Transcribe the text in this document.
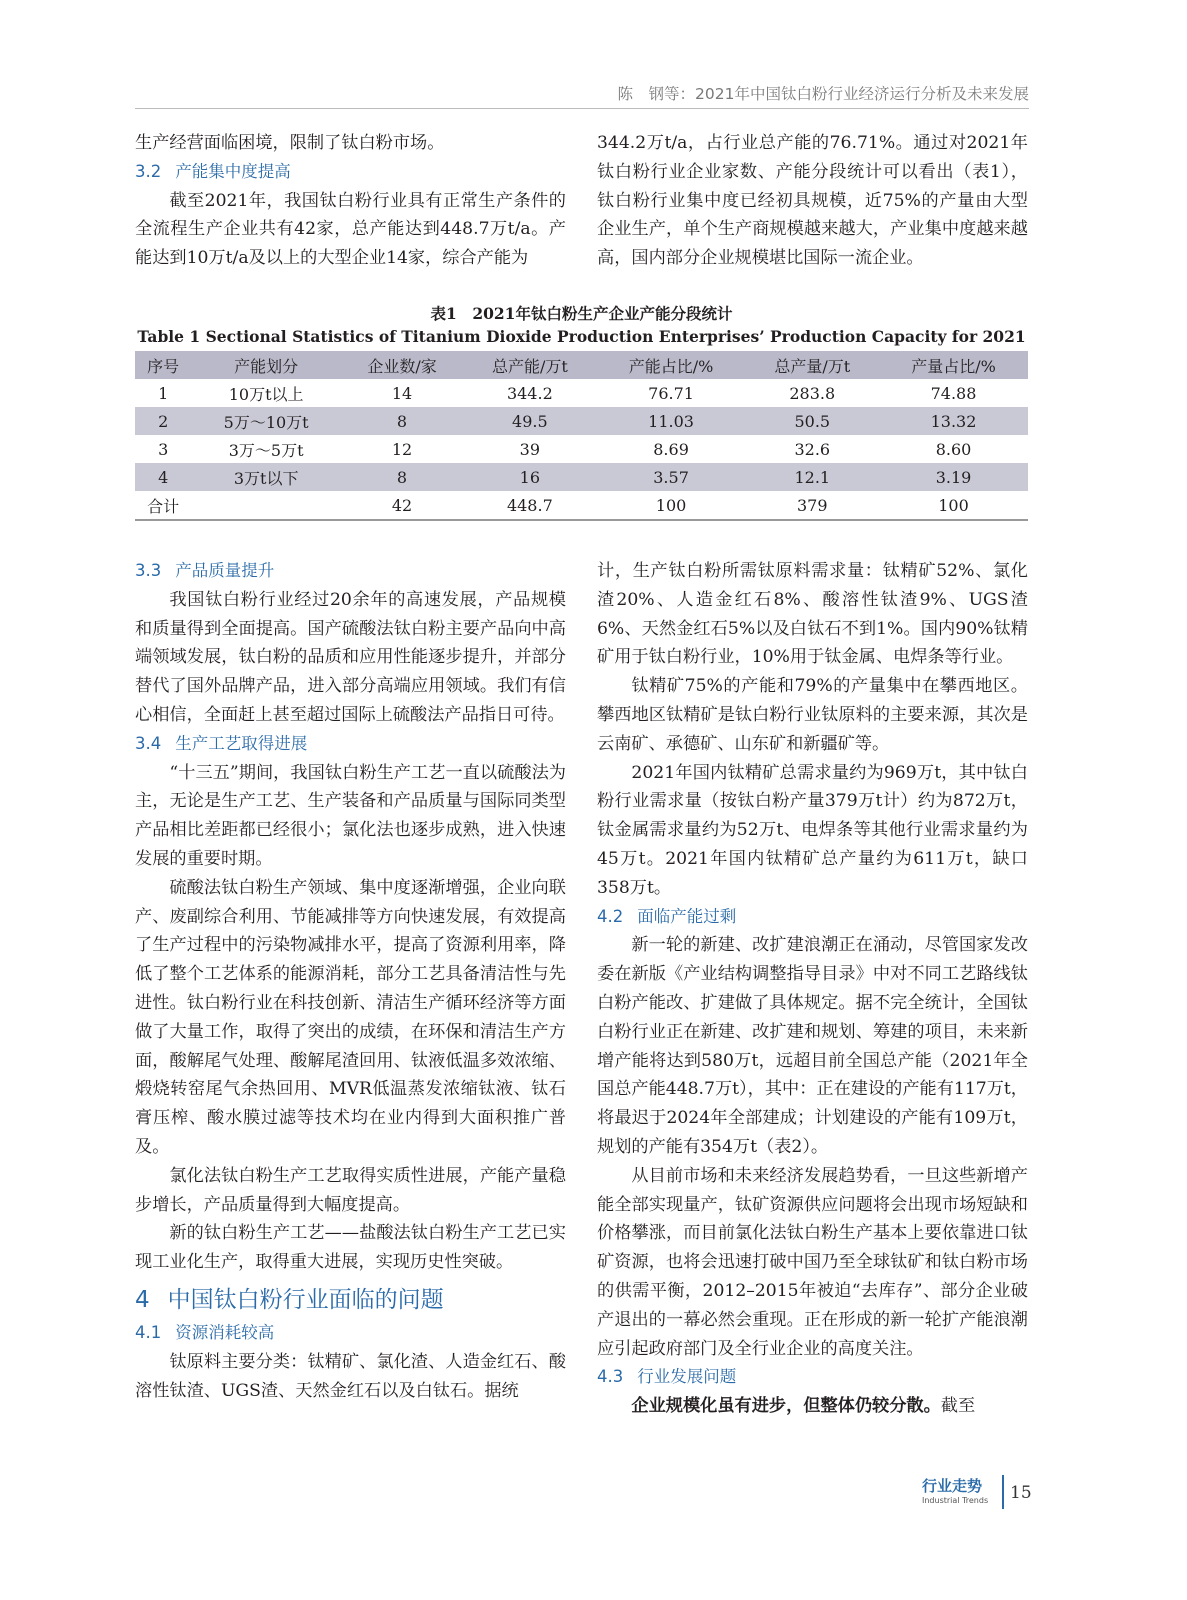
陈　钢等：2021年中国钛白粉行业经济运行分析及未来发展

生产经营面临困境，限制了钛白粉市场。

3.2 产能集中度提高

截至2021年，我国钛白粉行业具有正常生产条件的全流程生产企业共有42家，总产能达到448.7万t/a。产能达到10万t/a及以上的大型企业14家，综合产能为

344.2万t/a，占行业总产能的76.71%。通过对2021年钛白粉行业企业家数、产能分段统计可以看出（表1），钛白粉行业集中度已经初具规模，近75%的产量由大型企业生产，单个生产商规模越来越大，产业集中度越来越高，国内部分企业规模堪比国际一流企业。

表1　2021年钛白粉生产企业产能分段统计
Table 1 Sectional Statistics of Titanium Dioxide Production Enterprises’ Production Capacity for 2021
序号	产能划分	企业数/家	总产能/万t	产能占比/%	总产量/万t	产量占比/%
1	10万t以上	14	344.2	76.71	283.8	74.88
2	5万～10万t	8	49.5	11.03	50.5	13.32
3	3万～5万t	12	39	8.69	32.6	8.60
4	3万t以下	8	16	3.57	12.1	3.19
合计		42	448.7	100	379	100
3.3 产品质量提升

我国钛白粉行业经过20余年的高速发展，产品规模和质量得到全面提高。国产硫酸法钛白粉主要产品向中高端领域发展，钛白粉的品质和应用性能逐步提升，并部分替代了国外品牌产品，进入部分高端应用领域。我们有信心相信，全面赶上甚至超过国际上硫酸法产品指日可待。

3.4 生产工艺取得进展

“十三五”期间，我国钛白粉生产工艺一直以硫酸法为主，无论是生产工艺、生产装备和产品质量与国际同类型产品相比差距都已经很小；氯化法也逐步成熟，进入快速发展的重要时期。

硫酸法钛白粉生产领域、集中度逐渐增强，企业向联产、废副综合利用、节能减排等方向快速发展，有效提高了生产过程中的污染物减排水平，提高了资源利用率，降低了整个工艺体系的能源消耗，部分工艺具备清洁性与先进性。钛白粉行业在科技创新、清洁生产循环经济等方面做了大量工作，取得了突出的成绩，在环保和清洁生产方面，酸解尾气处理、酸解尾渣回用、钛液低温多效浓缩、煅烧转窑尾气余热回用、MVR低温蒸发浓缩钛液、钛石膏压榨、酸水膜过滤等技术均在业内得到大面积推广普及。

氯化法钛白粉生产工艺取得实质性进展，产能产量稳步增长，产品质量得到大幅度提高。

新的钛白粉生产工艺——盐酸法钛白粉生产工艺已实现工业化生产，取得重大进展，实现历史性突破。

4 中国钛白粉行业面临的问题
4.1 资源消耗较高

钛原料主要分类：钛精矿、氯化渣、人造金红石、酸溶性钛渣、UGS渣、天然金红石以及白钛石。据统

计，生产钛白粉所需钛原料需求量：钛精矿52%、氯化渣20%、人造金红石8%、酸溶性钛渣9%、UGS渣6%、天然金红石5%以及白钛石不到1%。国内90%钛精矿用于钛白粉行业，10%用于钛金属、电焊条等行业。

钛精矿75%的产能和79%的产量集中在攀西地区。攀西地区钛精矿是钛白粉行业钛原料的主要来源，其次是云南矿、承德矿、山东矿和新疆矿等。

2021年国内钛精矿总需求量约为969万t，其中钛白粉行业需求量（按钛白粉产量379万t计）约为872万t，钛金属需求量约为52万t、电焊条等其他行业需求量约为45万t。2021年国内钛精矿总产量约为611万t，缺口358万t。

4.2 面临产能过剩

新一轮的新建、改扩建浪潮正在涌动，尽管国家发改委在新版《产业结构调整指导目录》中对不同工艺路线钛白粉产能改、扩建做了具体规定。据不完全统计，全国钛白粉行业正在新建、改扩建和规划、筹建的项目，未来新增产能将达到580万t，远超目前全国总产能（2021年全国总产能448.7万t），其中：正在建设的产能有117万t，将最迟于2024年全部建成；计划建设的产能有109万t，规划的产能有354万t（表2）。

从目前市场和未来经济发展趋势看，一旦这些新增产能全部实现量产，钛矿资源供应问题将会出现市场短缺和价格攀涨，而目前氯化法钛白粉生产基本上要依靠进口钛矿资源，也将会迅速打破中国乃至全球钛矿和钛白粉市场的供需平衡，2012–2015年被迫“去库存”、部分企业破产退出的一幕必然会重现。正在形成的新一轮扩产能浪潮应引起政府部门及全行业企业的高度关注。

4.3 行业发展问题

企业规模化虽有进步，但整体仍较分散。截至

行业走势
Industrial Trends 15
